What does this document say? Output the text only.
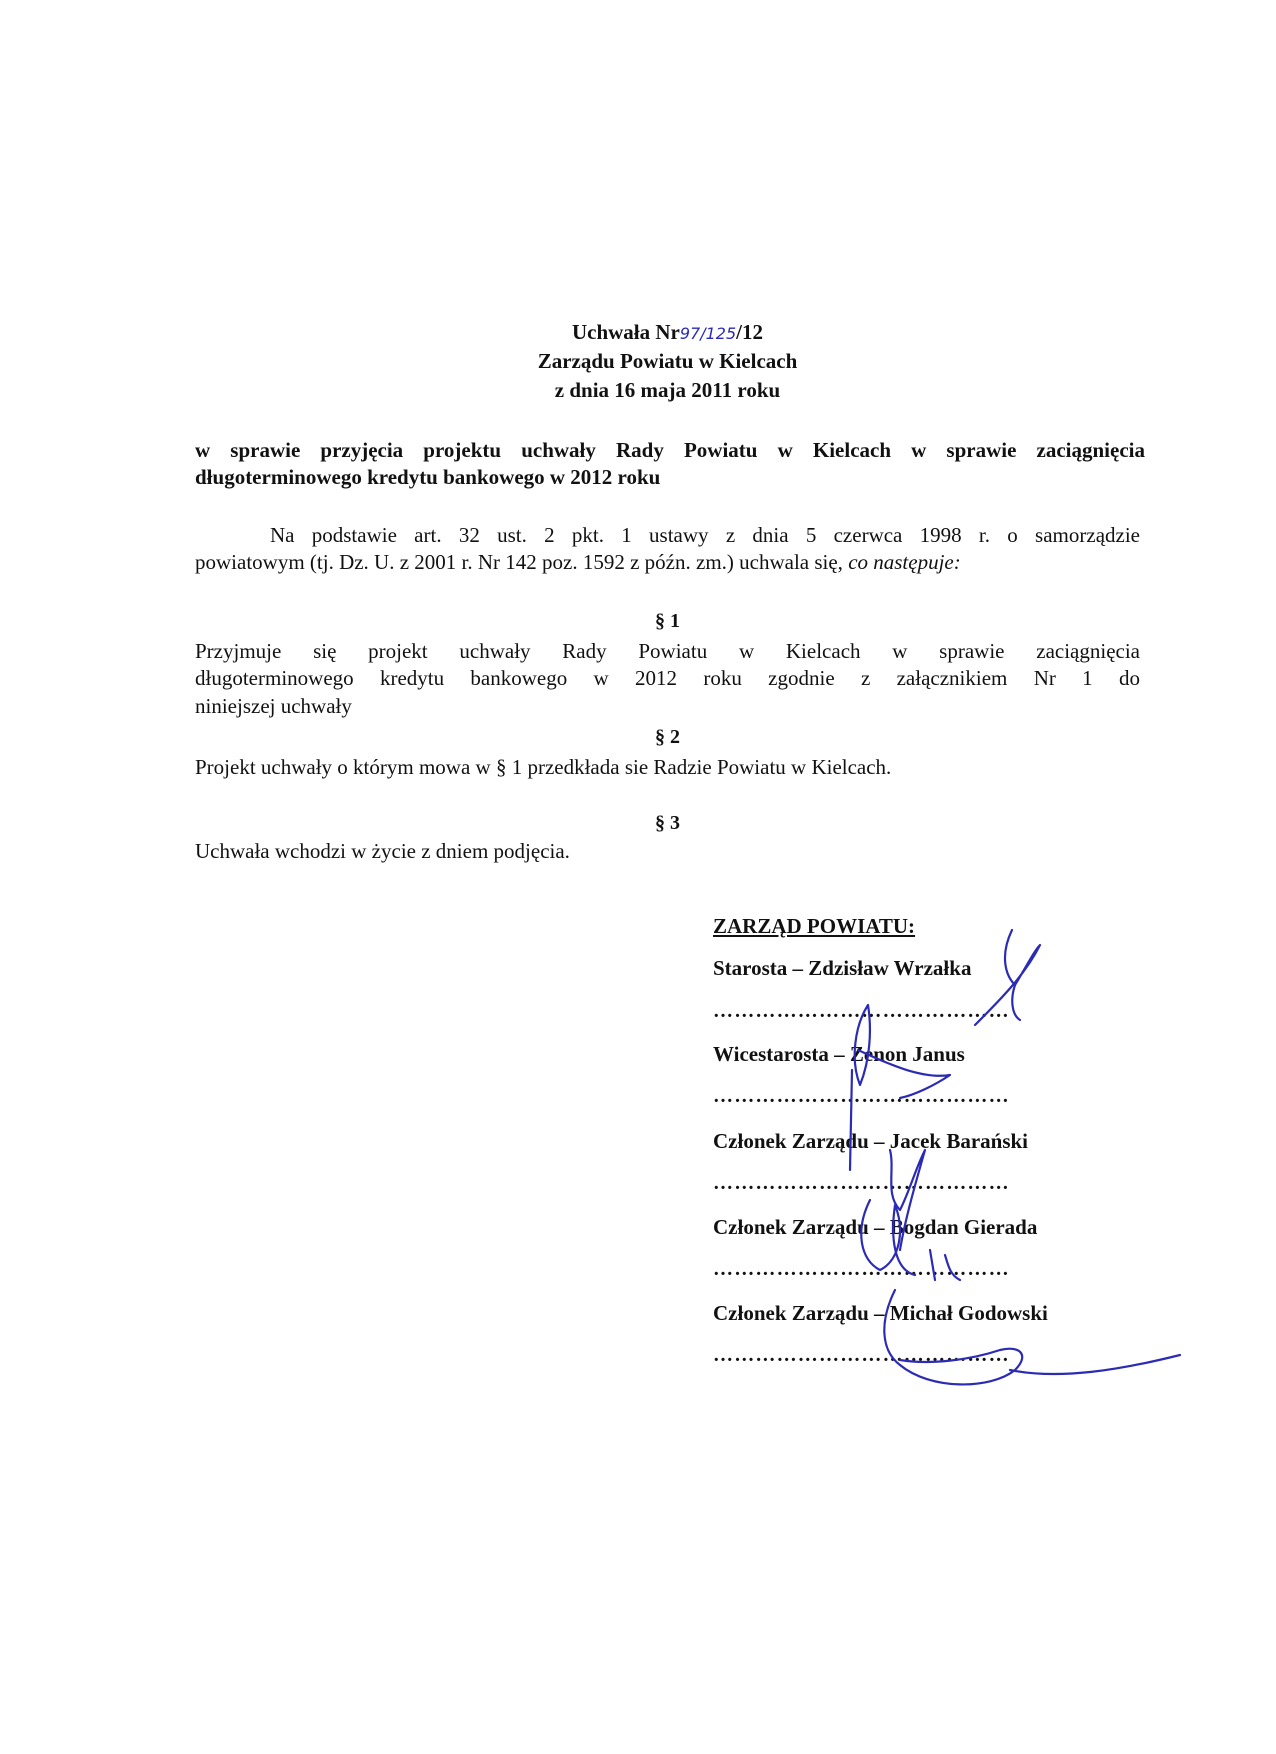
Uchwała Nr97/125/12
Zarządu Powiatu w Kielcach
z dnia 16 maja 2011 roku
w sprawie przyjęcia projektu uchwały Rady Powiatu w Kielcach w sprawie zaciągnięcia
długoterminowego kredytu bankowego w 2012 roku
Na podstawie art. 32 ust. 2 pkt. 1 ustawy z dnia 5 czerwca 1998 r. o samorządzie
powiatowym (tj. Dz. U. z 2001 r. Nr 142 poz. 1592 z późn. zm.) uchwala się, co następuje:
§ 1
Przyjmuje się projekt uchwały Rady Powiatu w Kielcach w sprawie zaciągnięcia
długoterminowego kredytu bankowego w 2012 roku zgodnie z załącznikiem Nr 1 do
niniejszej uchwały
§ 2
Projekt uchwały o którym mowa w § 1 przedkłada sie Radzie Powiatu w Kielcach.
§ 3
Uchwała wchodzi w życie z dniem podjęcia.
ZARZĄD POWIATU:
Starosta – Zdzisław Wrzałka
……………………………………
Wicestarosta – Zenon Janus
……………………………………
Członek Zarządu – Jacek Barański
……………………………………
Członek Zarządu – Bogdan Gierada
……………………………………
Członek Zarządu – Michał Godowski
……………………………………
